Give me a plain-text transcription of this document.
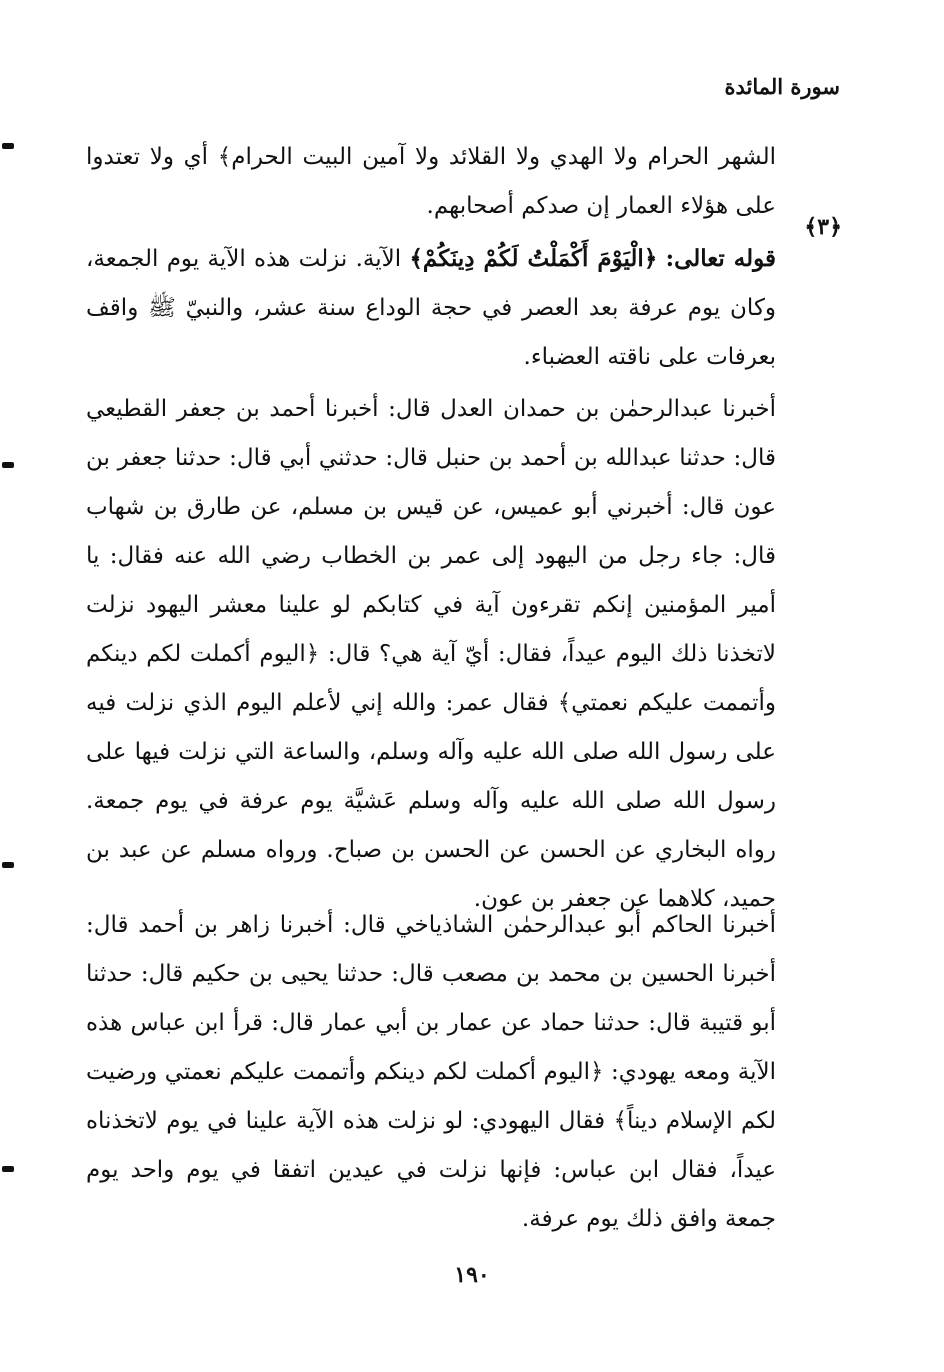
سورة المائدة

الشهر الحرام ولا الهدي ولا القلائد ولا آمين البيت الحرام﴾ أي ولا تعتدوا على هؤلاء العمار إن صدكم أصحابهم.

﴿٣﴾

قوله تعالى: ﴿الْيَوْمَ أَكْمَلْتُ لَكُمْ دِينَكُمْ﴾ الآية. نزلت هذه الآية يوم الجمعة، وكان يوم عرفة بعد العصر في حجة الوداع سنة عشر، والنبيّ ﷺ واقف بعرفات على ناقته العضباء.

أخبرنا عبدالرحمٰن بن حمدان العدل قال: أخبرنا أحمد بن جعفر القطيعي قال: حدثنا عبدالله بن أحمد بن حنبل قال: حدثني أبي قال: حدثنا جعفر بن عون قال: أخبرني أبو عميس، عن قيس بن مسلم، عن طارق بن شهاب قال: جاء رجل من اليهود إلى عمر بن الخطاب رضي الله عنه فقال: يا أمير المؤمنين إنكم تقرءون آية في كتابكم لو علينا معشر اليهود نزلت لاتخذنا ذلك اليوم عيداً، فقال: أيّ آية هي؟ قال: ﴿اليوم أكملت لكم دينكم وأتممت عليكم نعمتي﴾ فقال عمر: والله إني لأعلم اليوم الذي نزلت فيه على رسول الله صلى الله عليه وآله وسلم، والساعة التي نزلت فيها على رسول الله صلى الله عليه وآله وسلم عَشيَّة يوم عرفة في يوم جمعة. رواه البخاري عن الحسن عن الحسن بن صباح. ورواه مسلم عن عبد بن حميد، كلاهما عن جعفر بن عون.

أخبرنا الحاكم أبو عبدالرحمٰن الشاذياخي قال: أخبرنا زاهر بن أحمد قال: أخبرنا الحسين بن محمد بن مصعب قال: حدثنا يحيى بن حكيم قال: حدثنا أبو قتيبة قال: حدثنا حماد عن عمار بن أبي عمار قال: قرأ ابن عباس هذه الآية ومعه يهودي: ﴿اليوم أكملت لكم دينكم وأتممت عليكم نعمتي ورضيت لكم الإسلام ديناً﴾ فقال اليهودي: لو نزلت هذه الآية علينا في يوم لاتخذناه عيداً، فقال ابن عباس: فإنها نزلت في عيدين اتفقا في يوم واحد يوم جمعة وافق ذلك يوم عرفة.

١٩٠
